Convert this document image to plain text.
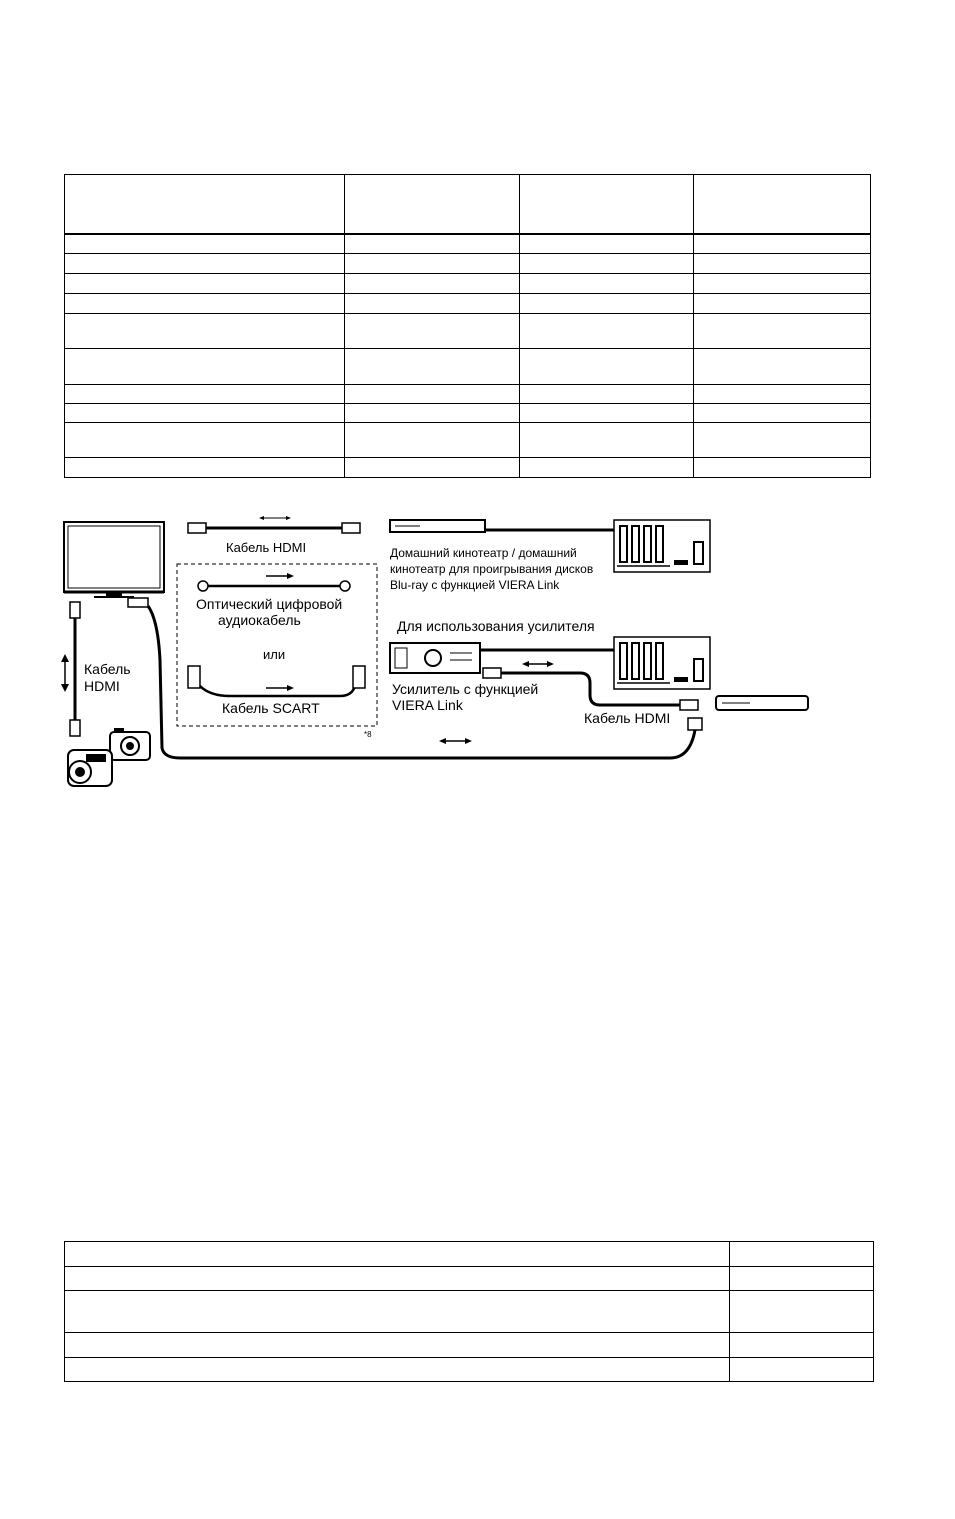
Кабель HDMI
Оптический цифровой
аудиокабель
или
Кабель SCART
*8
Домашний кинотеатр / домашний
кинотеатр для проигрывания дисков
Blu-ray с функцией VIERA Link
Для использования усилителя
Усилитель с функцией
VIERA Link
Кабель HDMI
Кабель
HDMI
